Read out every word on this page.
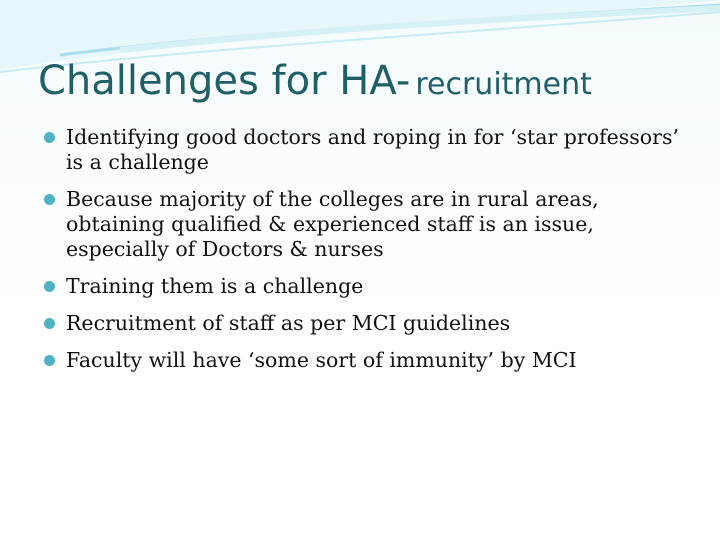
Challenges for HA- recruitment
Identifying good doctors and roping in for ‘star professors’ is a challenge
Because majority of the colleges are in rural areas, obtaining qualified & experienced staff is an issue, especially of Doctors & nurses
Training them is a challenge
Recruitment of staff as per MCI guidelines
Faculty will have ‘some sort of immunity’ by MCI
